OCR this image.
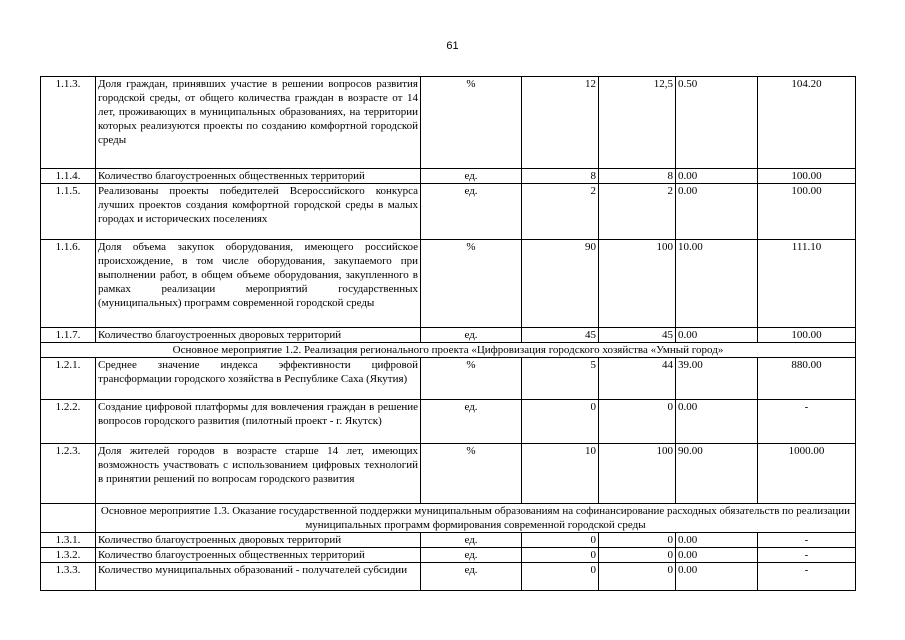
61
1.1.3.	Доля граждан, принявших участие в решении вопросов развития городской среды, от общего количества граждан в возрасте от 14 лет, проживающих в муниципальных образованиях, на территории которых реализуются проекты по созданию комфортной городской среды	%	12	12,5	0.50	104.20
1.1.4.	Количество благоустроенных общественных территорий	ед.	8	8	0.00	100.00
1.1.5.	Реализованы проекты победителей Всероссийского конкурса лучших проектов создания комфортной городской среды в малых городах и исторических поселениях	ед.	2	2	0.00	100.00
1.1.6.	Доля объема закупок оборудования, имеющего российское происхождение, в том числе оборудования, закупаемого при выполнении работ, в общем объеме оборудования, закупленного в рамках реализации мероприятий государственных (муниципальных) программ современной городской среды	%	90	100	10.00	111.10
1.1.7.	Количество благоустроенных дворовых территорий	ед.	45	45	0.00	100.00
Основное мероприятие 1.2. Реализация регионального проекта «Цифровизация городского хозяйства «Умный город»						
1.2.1.	Среднее значение индекса эффективности цифровой трансформации городского хозяйства в Республике Саха (Якутия)	%	5	44	39.00	880.00
1.2.2.	Создание цифровой платформы для вовлечения граждан в решение вопросов городского развития (пилотный проект - г. Якутск)	ед.	0	0	0.00	-
1.2.3.	Доля жителей городов в возрасте старше 14 лет, имеющих возможность участвовать с использованием цифровых технологий в принятии решений по вопросам городского развития	%	10	100	90.00	1000.00
	Основное мероприятие 1.3. Оказание государственной поддержки муниципальным образованиям на софинансирование расходных обязательств по реализации муниципальных программ формирования современной городской среды					
1.3.1.	Количество благоустроенных дворовых территорий	ед.	0	0	0.00	-
1.3.2.	Количество благоустроенных общественных территорий	ед.	0	0	0.00	-
1.3.3.	Количество муниципальных образований - получателей субсидии	ед.	0	0	0.00	-
